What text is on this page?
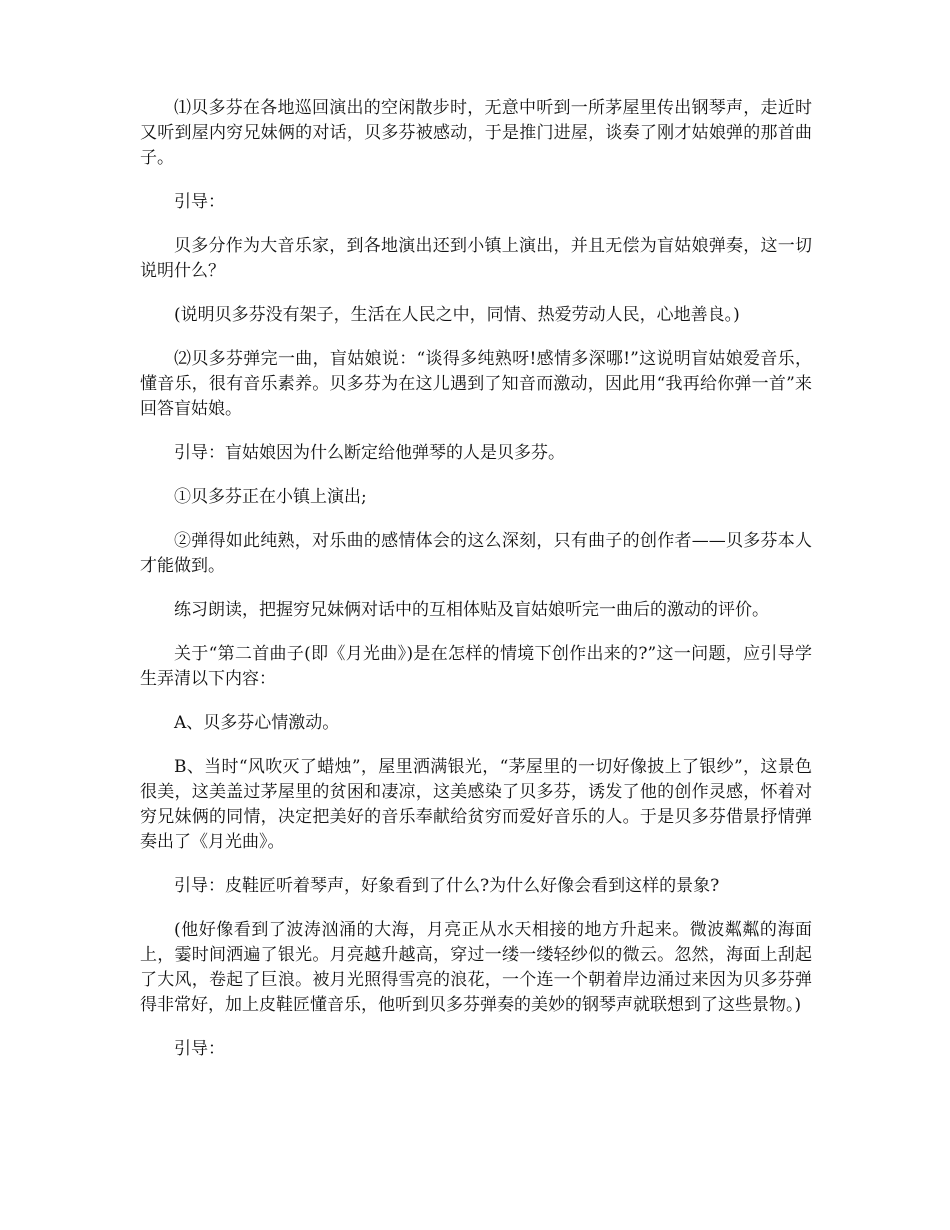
⑴贝多芬在各地巡回演出的空闲散步时，无意中听到一所茅屋里传出钢琴声，走近时又听到屋内穷兄妹俩的对话，贝多芬被感动，于是推门进屋，谈奏了刚才姑娘弹的那首曲子。

引导：

贝多分作为大音乐家，到各地演出还到小镇上演出，并且无偿为盲姑娘弹奏，这一切说明什么？

(说明贝多芬没有架子，生活在人民之中，同情、热爱劳动人民，心地善良。)

⑵贝多芬弹完一曲，盲姑娘说：“谈得多纯熟呀!感情多深哪!”这说明盲姑娘爱音乐，懂音乐，很有音乐素养。贝多芬为在这儿遇到了知音而激动，因此用“我再给你弹一首”来回答盲姑娘。

引导：盲姑娘因为什么断定给他弹琴的人是贝多芬。

①贝多芬正在小镇上演出;

②弹得如此纯熟，对乐曲的感情体会的这么深刻，只有曲子的创作者——贝多芬本人才能做到。

练习朗读，把握穷兄妹俩对话中的互相体贴及盲姑娘听完一曲后的激动的评价。

关于“第二首曲子(即《月光曲》)是在怎样的情境下创作出来的?”这一问题，应引导学生弄清以下内容：

A、贝多芬心情激动。

B、当时“风吹灭了蜡烛”，屋里洒满银光，“茅屋里的一切好像披上了银纱”，这景色很美，这美盖过茅屋里的贫困和凄凉，这美感染了贝多芬，诱发了他的创作灵感，怀着对穷兄妹俩的同情，决定把美好的音乐奉献给贫穷而爱好音乐的人。于是贝多芬借景抒情弹奏出了《月光曲》。

引导：皮鞋匠听着琴声，好象看到了什么?为什么好像会看到这样的景象?

(他好像看到了波涛汹涌的大海，月亮正从水天相接的地方升起来。微波粼粼的海面上，霎时间洒遍了银光。月亮越升越高，穿过一缕一缕轻纱似的微云。忽然，海面上刮起了大风，卷起了巨浪。被月光照得雪亮的浪花，一个连一个朝着岸边涌过来因为贝多芬弹得非常好，加上皮鞋匠懂音乐，他听到贝多芬弹奏的美妙的钢琴声就联想到了这些景物。)

引导：
